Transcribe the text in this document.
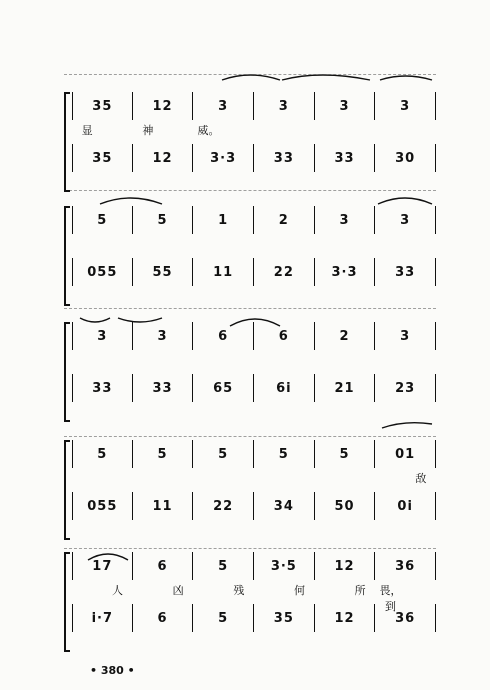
35	12	3	3	3	3
显	神	威。
35	12	3·3	33	33	30
5	5	1	2	3	3
055	55	11	22	3·3	33
3	3	6	6	2	3
33	33	65	6i	21	23
5	5	5	5	5	01
敌
055	11	22	34	50	0i
17	6	5	3·5	12	36
人	凶	残	何	所	畏，到
i·7	6	5	35	12	36
• 380 •
